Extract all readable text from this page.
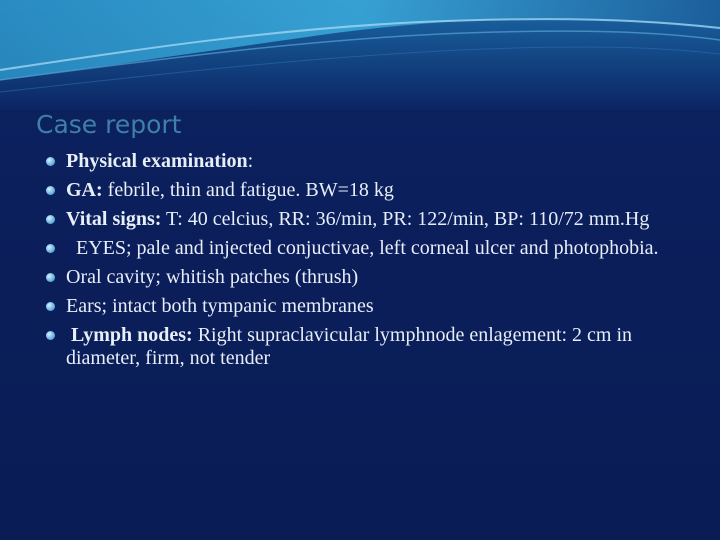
Case report
Physical examination:
GA: febrile, thin and fatigue. BW=18 kg
Vital signs: T: 40 celcius, RR: 36/min, PR: 122/min, BP: 110/72 mm.Hg
EYES; pale and injected conjuctivae, left corneal ulcer and photophobia.
Oral cavity; whitish patches (thrush)
Ears; intact both tympanic membranes
Lymph nodes: Right supraclavicular lymphnode enlagement: 2 cm in diameter, firm, not tender
